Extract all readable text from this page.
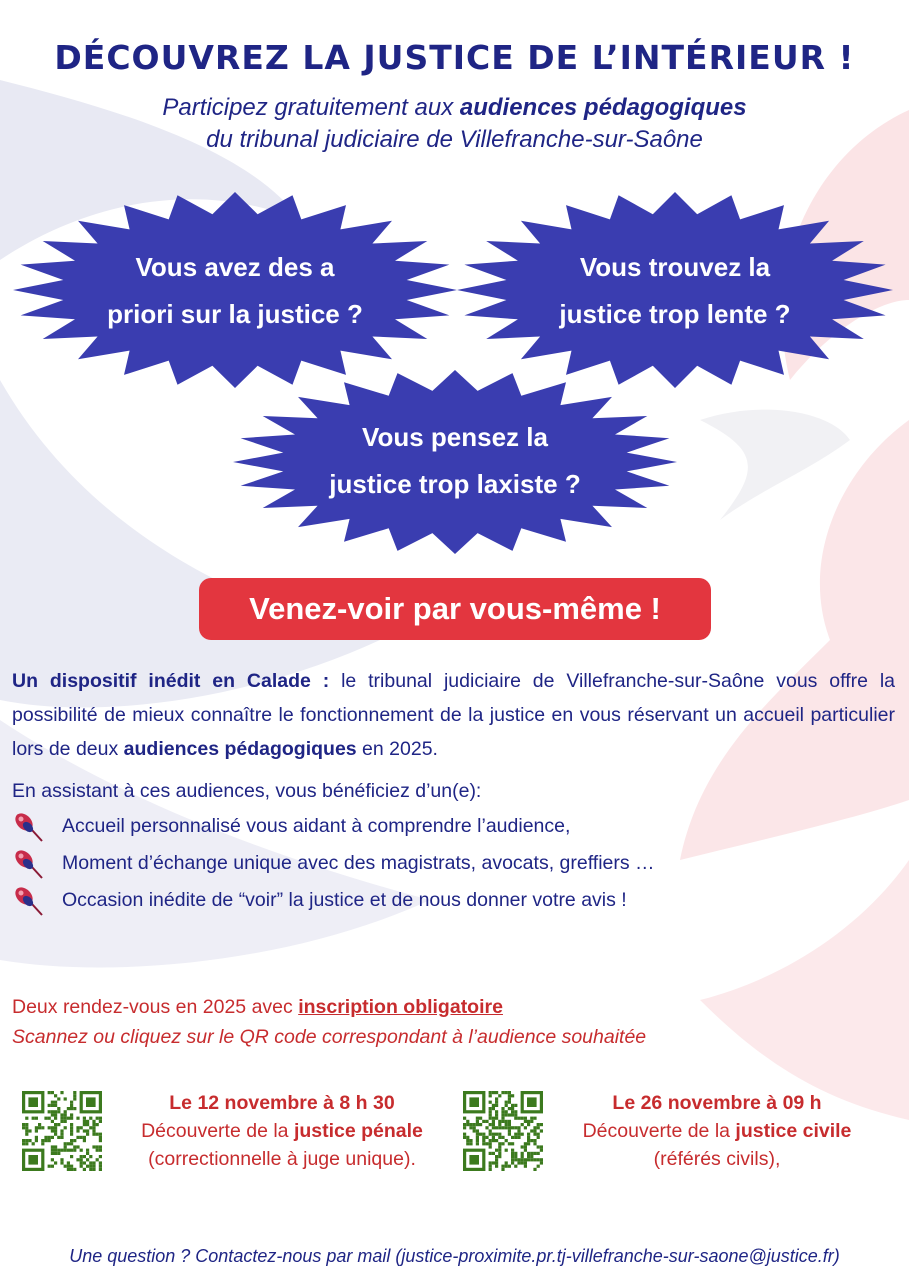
DÉCOUVREZ LA JUSTICE DE L’INTÉRIEUR !
Participez gratuitement aux audiences pédagogiques
du tribunal judiciaire de Villefranche-sur-Saône
Vous avez des a
priori sur la justice ?
Vous trouvez la
justice trop lente ?
Vous pensez la
justice trop laxiste ?
Venez-voir par vous-même !
Un dispositif inédit en Calade : le tribunal judiciaire de Villefranche-sur-Saône vous offre la possibilité de mieux connaître le fonctionnement de la justice en vous réservant un accueil particulier lors de deux audiences pédagogiques en 2025.
En assistant à ces audiences, vous bénéficiez d’un(e):
Accueil personnalisé vous aidant à comprendre l’audience,
Moment d’échange unique avec des magistrats, avocats, greffiers …
Occasion inédite de “voir” la justice et de nous donner votre avis !
Deux rendez-vous en 2025 avec inscription obligatoire
Scannez ou cliquez sur le QR code correspondant à l’audience souhaitée
Le 12 novembre à 8 h 30
Découverte de la justice pénale
(correctionnelle à juge unique).
Le 26 novembre à 09 h
Découverte de la justice civile
(référés civils),
Une question ? Contactez-nous par mail (justice-proximite.pr.tj-villefranche-sur-saone@justice.fr)
